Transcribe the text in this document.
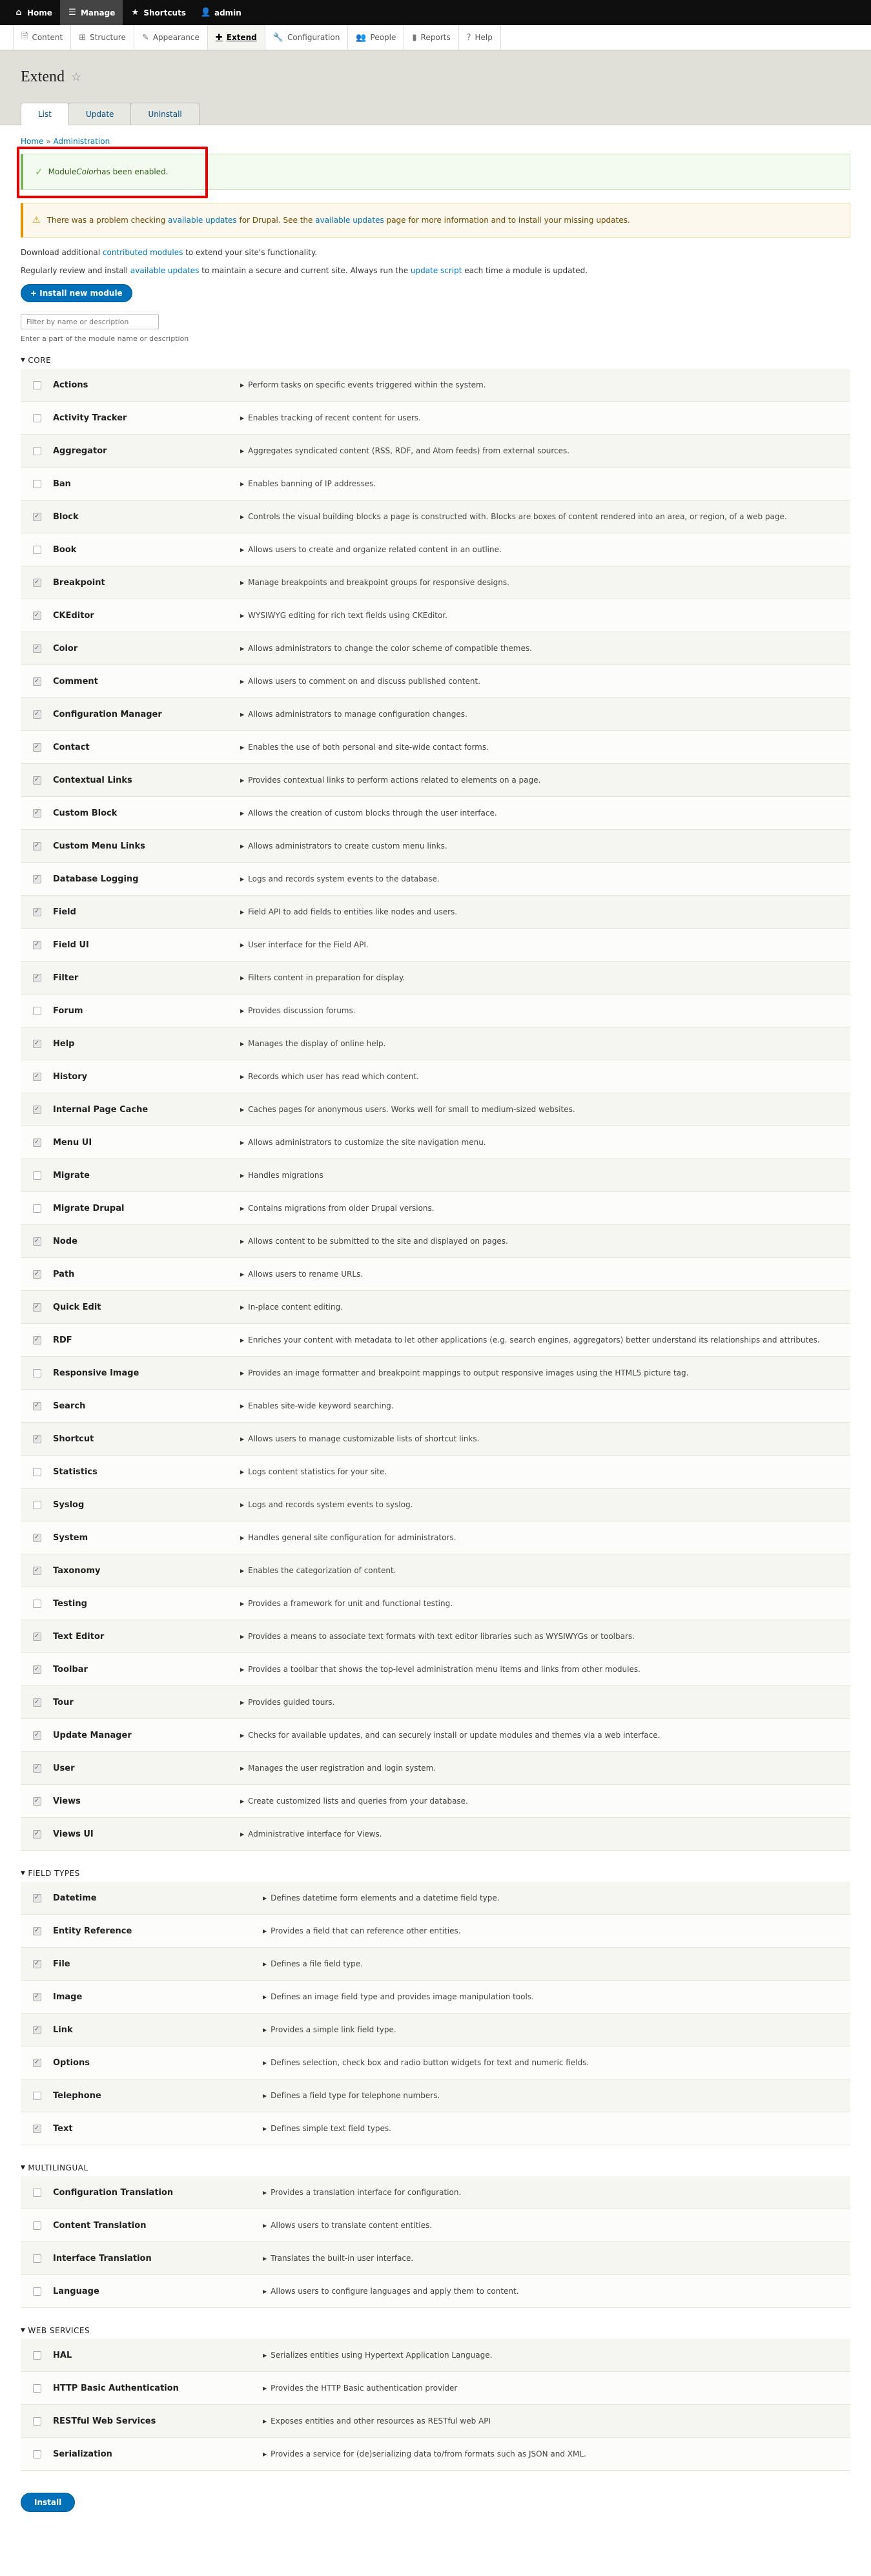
⌂ Home ☰ Manage ★ Shortcuts 👤 admin
🗎 Content ⊞ Structure ✎ Appearance ✚ Extend 🔧 Configuration 👥 People ▮ Reports ? Help
Extend ☆
List	Update	Uninstall
Home » Administration
✓ Module Color has been enabled.
⚠ There was a problem checking
available updates
for Drupal. See the
available updates
page for more information and to install your missing updates.

Download additional contributed modules to extend your site's functionality.

Regularly review and install available updates to maintain a secure and current site. Always run the update script each time a module is updated.

+ Install new module
Filter by name or description
Enter a part of the module name or description
▼ CORE
Actions	▶ Perform tasks on specific events triggered within the system.
Activity Tracker	▶ Enables tracking of recent content for users.
Aggregator	▶ Aggregates syndicated content (RSS, RDF, and Atom feeds) from external sources.
Ban	▶ Enables banning of IP addresses.
✓ Block	▶ Controls the visual building blocks a page is constructed with. Blocks are boxes of content rendered into an area, or region, of a web page.
Book	▶ Allows users to create and organize related content in an outline.
✓ Breakpoint	▶ Manage breakpoints and breakpoint groups for responsive designs.
✓ CKEditor	▶ WYSIWYG editing for rich text fields using CKEditor.
✓ Color	▶ Allows administrators to change the color scheme of compatible themes.
✓ Comment	▶ Allows users to comment on and discuss published content.
✓ Configuration Manager	▶ Allows administrators to manage configuration changes.
✓ Contact	▶ Enables the use of both personal and site-wide contact forms.
✓ Contextual Links	▶ Provides contextual links to perform actions related to elements on a page.
✓ Custom Block	▶ Allows the creation of custom blocks through the user interface.
✓ Custom Menu Links	▶ Allows administrators to create custom menu links.
✓ Database Logging	▶ Logs and records system events to the database.
✓ Field	▶ Field API to add fields to entities like nodes and users.
✓ Field UI	▶ User interface for the Field API.
✓ Filter	▶ Filters content in preparation for display.
Forum	▶ Provides discussion forums.
✓ Help	▶ Manages the display of online help.
✓ History	▶ Records which user has read which content.
✓ Internal Page Cache	▶ Caches pages for anonymous users. Works well for small to medium-sized websites.
✓ Menu UI	▶ Allows administrators to customize the site navigation menu.
Migrate	▶ Handles migrations
Migrate Drupal	▶ Contains migrations from older Drupal versions.
✓ Node	▶ Allows content to be submitted to the site and displayed on pages.
✓ Path	▶ Allows users to rename URLs.
✓ Quick Edit	▶ In-place content editing.
✓ RDF	▶ Enriches your content with metadata to let other applications (e.g. search engines, aggregators) better understand its relationships and attributes.
Responsive Image	▶ Provides an image formatter and breakpoint mappings to output responsive images using the HTML5 picture tag.
✓ Search	▶ Enables site-wide keyword searching.
✓ Shortcut	▶ Allows users to manage customizable lists of shortcut links.
Statistics	▶ Logs content statistics for your site.
Syslog	▶ Logs and records system events to syslog.
✓ System	▶ Handles general site configuration for administrators.
✓ Taxonomy	▶ Enables the categorization of content.
Testing	▶ Provides a framework for unit and functional testing.
✓ Text Editor	▶ Provides a means to associate text formats with text editor libraries such as WYSIWYGs or toolbars.
✓ Toolbar	▶ Provides a toolbar that shows the top-level administration menu items and links from other modules.
✓ Tour	▶ Provides guided tours.
✓ Update Manager	▶ Checks for available updates, and can securely install or update modules and themes via a web interface.
✓ User	▶ Manages the user registration and login system.
✓ Views	▶ Create customized lists and queries from your database.
✓ Views UI	▶ Administrative interface for Views.
▼ FIELD TYPES
✓ Datetime	▶ Defines datetime form elements and a datetime field type.
✓ Entity Reference	▶ Provides a field that can reference other entities.
✓ File	▶ Defines a file field type.
✓ Image	▶ Defines an image field type and provides image manipulation tools.
✓ Link	▶ Provides a simple link field type.
✓ Options	▶ Defines selection, check box and radio button widgets for text and numeric fields.
Telephone	▶ Defines a field type for telephone numbers.
✓ Text	▶ Defines simple text field types.
▼ MULTILINGUAL
Configuration Translation	▶ Provides a translation interface for configuration.
Content Translation	▶ Allows users to translate content entities.
Interface Translation	▶ Translates the built-in user interface.
Language	▶ Allows users to configure languages and apply them to content.
▼ WEB SERVICES
HAL	▶ Serializes entities using Hypertext Application Language.
HTTP Basic Authentication	▶ Provides the HTTP Basic authentication provider
RESTful Web Services	▶ Exposes entities and other resources as RESTful web API
Serialization	▶ Provides a service for (de)serializing data to/from formats such as JSON and XML.
Install
